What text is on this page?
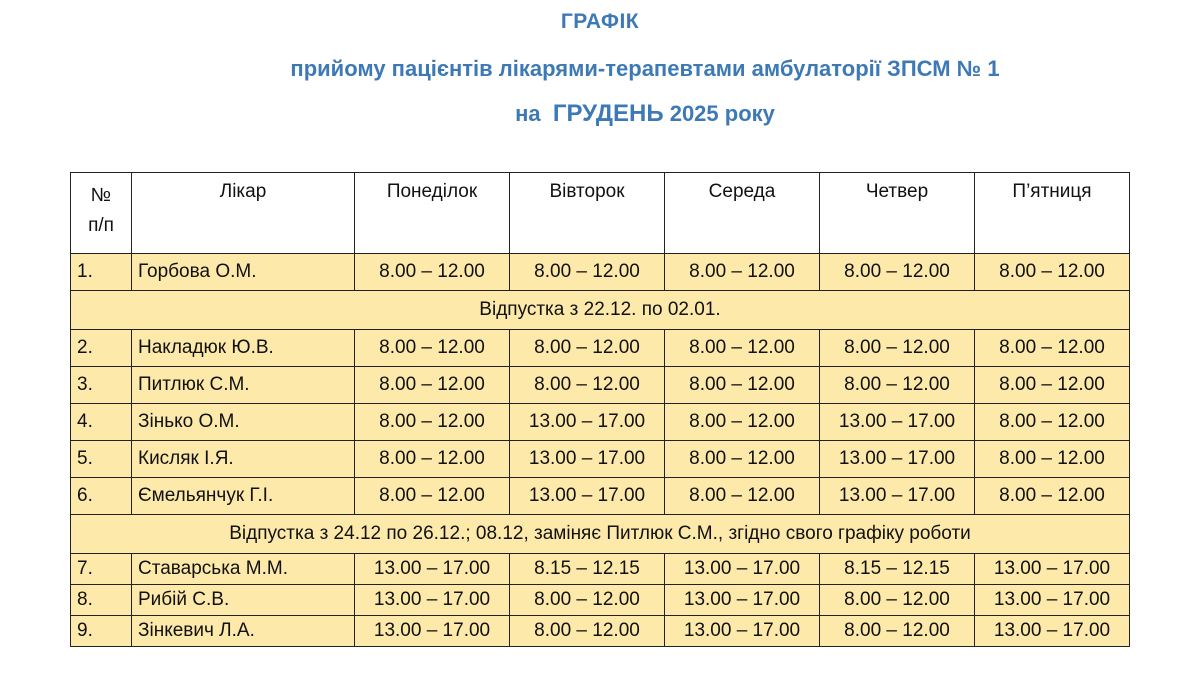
ГРАФІК
прийому пацієнтів лікарями-терапевтами амбулаторії ЗПСМ № 1
на ГРУДЕНЬ 2025 року
№
п/п	Лікар	Понеділок	Вівторок	Середа	Четвер	П’ятниця
1.	Горбова О.М.	8.00 – 12.00	8.00 – 12.00	8.00 – 12.00	8.00 – 12.00	8.00 – 12.00
Відпустка з 22.12. по 02.01.						
2.	Накладюк Ю.В.	8.00 – 12.00	8.00 – 12.00	8.00 – 12.00	8.00 – 12.00	8.00 – 12.00
3.	Питлюк С.М.	8.00 – 12.00	8.00 – 12.00	8.00 – 12.00	8.00 – 12.00	8.00 – 12.00
4.	Зінько О.М.	8.00 – 12.00	13.00 – 17.00	8.00 – 12.00	13.00 – 17.00	8.00 – 12.00
5.	Кисляк І.Я.	8.00 – 12.00	13.00 – 17.00	8.00 – 12.00	13.00 – 17.00	8.00 – 12.00
6.	Ємельянчук Г.І.	8.00 – 12.00	13.00 – 17.00	8.00 – 12.00	13.00 – 17.00	8.00 – 12.00
Відпустка з 24.12 по 26.12.; 08.12, заміняє Питлюк С.М., згідно свого графіку роботи						
7.	Ставарська М.М.	13.00 – 17.00	8.15 – 12.15	13.00 – 17.00	8.15 – 12.15	13.00 – 17.00
8.	Рибій С.В.	13.00 – 17.00	8.00 – 12.00	13.00 – 17.00	8.00 – 12.00	13.00 – 17.00
9.	Зінкевич Л.А.	13.00 – 17.00	8.00 – 12.00	13.00 – 17.00	8.00 – 12.00	13.00 – 17.00
